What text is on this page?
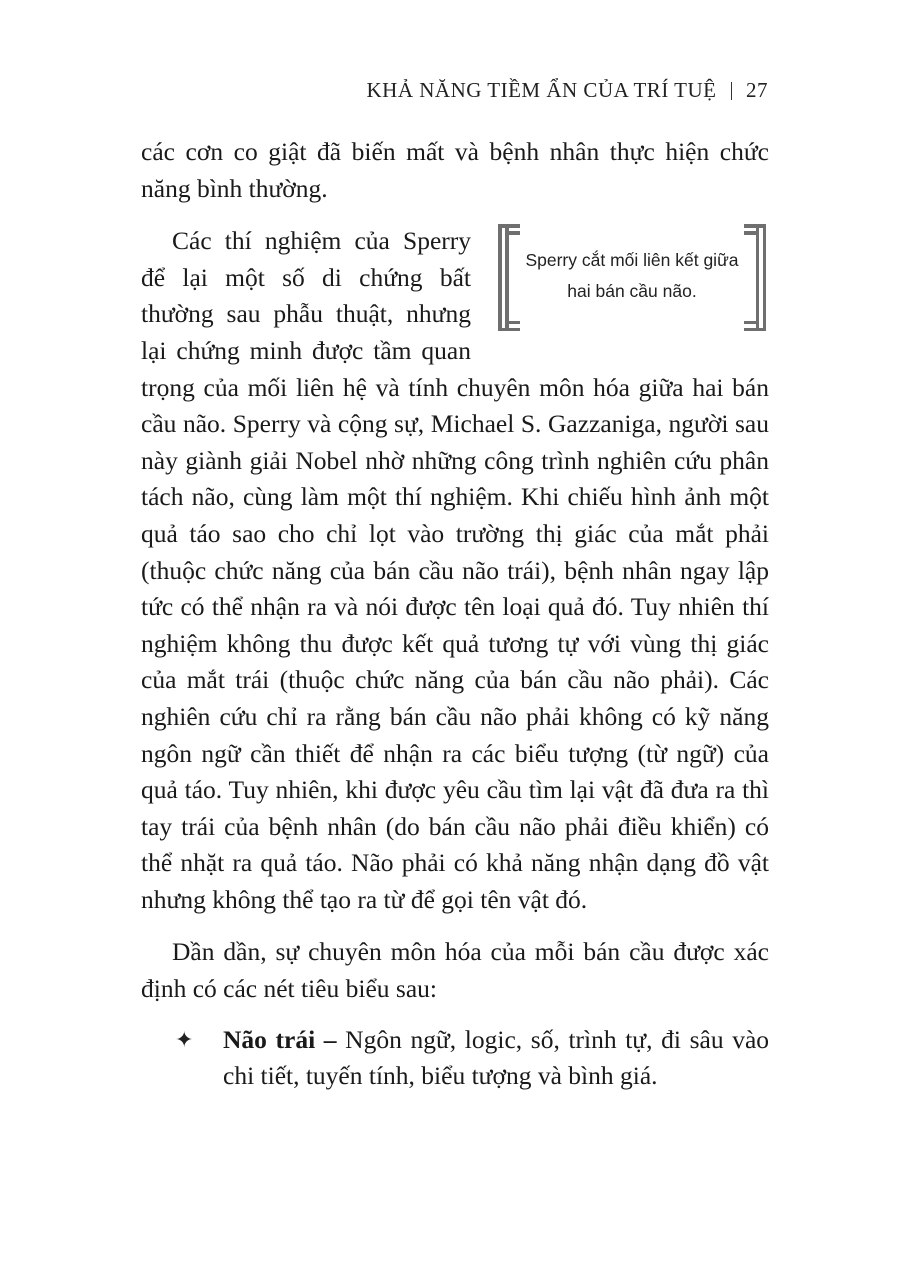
KHẢ NĂNG TIỀM ẨN CỦA TRÍ TUỆ 27

các cơn co giật đã biến mất và bệnh nhân thực hiện chức năng bình thường.

Sperry cắt mối liên kết giữa hai bán cầu não.

Các thí nghiệm của Sperry để lại một số di chứng bất thường sau phẫu thuật, nhưng lại chứng minh được tầm quan trọng của mối liên hệ và tính chuyên môn hóa giữa hai bán cầu não. Sperry và cộng sự, Michael S. Gazzaniga, người sau này giành giải Nobel nhờ những công trình nghiên cứu phân tách não, cùng làm một thí nghiệm. Khi chiếu hình ảnh một quả táo sao cho chỉ lọt vào trường thị giác của mắt phải (thuộc chức năng của bán cầu não trái), bệnh nhân ngay lập tức có thể nhận ra và nói được tên loại quả đó. Tuy nhiên thí nghiệm không thu được kết quả tương tự với vùng thị giác của mắt trái (thuộc chức năng của bán cầu não phải). Các nghiên cứu chỉ ra rằng bán cầu não phải không có kỹ năng ngôn ngữ cần thiết để nhận ra các biểu tượng (từ ngữ) của quả táo. Tuy nhiên, khi được yêu cầu tìm lại vật đã đưa ra thì tay trái của bệnh nhân (do bán cầu não phải điều khiển) có thể nhặt ra quả táo. Não phải có khả năng nhận dạng đồ vật nhưng không thể tạo ra từ để gọi tên vật đó.

Dần dần, sự chuyên môn hóa của mỗi bán cầu được xác định có các nét tiêu biểu sau:

✦	Não trái – Ngôn ngữ, logic, số, trình tự, đi sâu vào chi tiết, tuyến tính, biểu tượng và bình giá.
